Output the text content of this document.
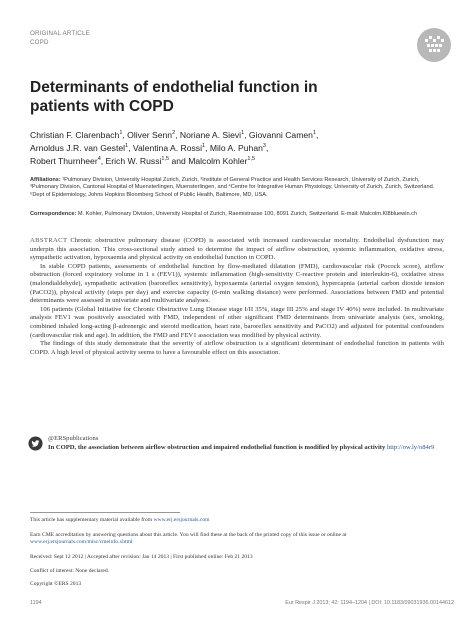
ORIGINAL ARTICLE
COPD
Determinants of endothelial function in patients with COPD
Christian F. Clarenbach$^1$, Oliver Senn$^2$, Noriane A. Sievi$^1$, Giovanni Camen$^1$,
Arnoldus J.R. van Gestel$^1$, Valentina A. Rossi$^1$, Milo A. Puhan$^3$,
Robert Thurnheer$^4$, Erich W. Russi$^{1,5}$ and Malcolm Kohler$^{1,5}$
Affiliations: ¹Pulmonary Division, University Hospital Zurich, Zurich, ²Institute of General Practice and Health Services Research, University of Zurich, Zurich, ³Pulmonary Division, Cantonal Hospital of Muensterlingen, Muensterlingen, and ⁴Centre for Integrative Human Physiology, University of Zurich, Zurich, Switzerland. ⁵Dept of Epidemiology, Johns Hopkins Bloomberg School of Public Health, Baltimore, MD, USA.
Correspondence: M. Kohler, Pulmonary Division, University Hospital of Zurich, Raemistrasse 100, 8091 Zurich, Switzerland. E-mail: Malcolm.Kl8bluewin.ch

ABSTRACT Chronic obstructive pulmonary disease (COPD) is associated with increased cardiovascular mortality. Endothelial dysfunction may underpin this association. This cross-sectional study aimed to determine the impact of airflow obstruction, systemic inflammation, oxidative stress, sympathetic activation, hypoxaemia and physical activity on endothelial function in COPD.

In stable COPD patients, assessments of endothelial function by flow-mediated dilatation (FMD), cardiovascular risk (Pocock score), airflow obstruction (forced expiratory volume in 1 s (FEV1)), systemic inflammation (high-sensitivity C-reactive protein and interleukin-6), oxidative stress (malondialdehyde), sympathetic activation (baroreflex sensitivity), hypoxaemia (arterial oxygen tension), hypercapnia (arterial carbon dioxide tension (PaCO2)), physical activity (steps per day) and exercise capacity (6-min walking distance) were performed. Associations between FMD and potential determinants were assessed in univariate and multivariate analyses.

106 patients (Global Initiative for Chronic Obstructive Lung Disease stage I/II 35%, stage III 25% and stage IV 40%) were included. In multivariate analysis FEV1 was positively associated with FMD, independent of other significant FMD determinants from univariate analysis (sex, smoking, combined inhaled long-acting β-adrenergic and steroid medication, heart rate, baroreflex sensitivity and PaCO2) and adjusted for potential confounders (cardiovascular risk and age). In addition, the FMD and FEV1 association was modified by physical activity.

The findings of this study demonstrate that the severity of airflow obstruction is a significant determinant of endothelial function in patients with COPD. A high level of physical activity seems to have a favourable effect on this association.

@ERSpublications
In COPD, the association between airflow obstruction and impaired endothelial function is modified by physical activity http://ow.ly/o84r9
This article has supplementary material available from www.erj.ersjournals.com
Earn CME accreditation by answering questions about this article. You will find these at the back of the printed copy of this issue or online at www.erj.ersjournals.com/misc/cmeinfo.xhtml
Received: Sept 12 2012 | Accepted after revision: Jan 14 2013 | First published online: Feb 21 2013
Conflict of interest: None declared.
Copyright ©ERS 2013
1194	Eur Respir J 2013; 42: 1194–1204 | DOI: 10.1183/09031936.00144612
